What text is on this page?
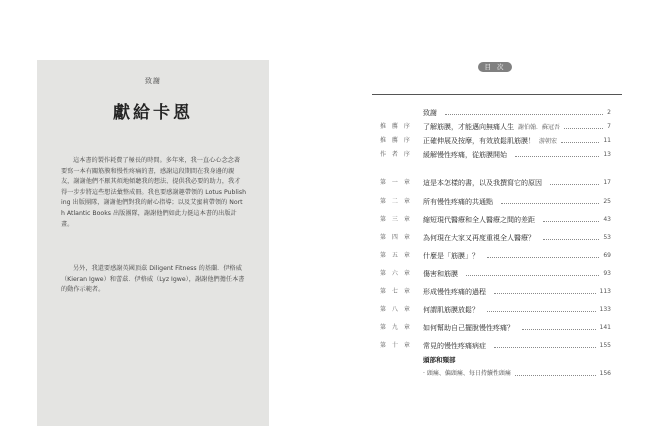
致謝
獻給卡恩

這本書的製作耗費了極長的時間。多年來，我一直心心念念著要寫一本有關筋膜和慢性疼痛的書，感謝這段期間在我身邊的親友，謝謝他們不厭其煩地傾聽我的想法、提供我必要的助力，我才得一步步將這些想法彙整成冊。我也要感謝趣帶領的 Lotus Publishing 出版團隊，謝謝他們對我的耐心指導；以及艾蜜莉帶領的 North Atlantic Books 出版團隊，謝謝他們如此力挺這本書的出版計畫。

另外，我還要感謝英國頂茲 Diligent Fitness 的基蘭．伊格威（Kieran Igwe）和蕾茲．伊格威（Lyz Igwe），謝謝他們擔任本書的動作示範者。

目 次
致謝	2
推 薦 序 了解筋膜，才能邁向無痛人生 謝伯翰．蘇冠吾	7
推 薦 序 正確伸展及按摩，有效放鬆肌筋膜！ 游朝宏	11
作 者 序 緩解慢性疼痛，從筋膜開始	13
第 一 章 這是本怎樣的書，以及我撰寫它的原因	17
第 二 章 所有慢性疼痛的共通點	25
第 三 章 縮短現代醫療和全人醫療之間的差距	43
第 四 章 為何現在大家又再度重視全人醫療？	53
第 五 章 什麼是「筋膜」？	69
第 六 章 傷害和筋膜	93
第 七 章 形成慢性疼痛的過程	113
第 八 章 何謂肌筋膜放鬆？	133
第 九 章 如何幫助自己擺脫慢性疼痛？	141
第 十 章 常見的慢性疼痛病症	155
頭部和頸部
‧ 頭痛、偏頭痛、每日持續性頭痛	156
